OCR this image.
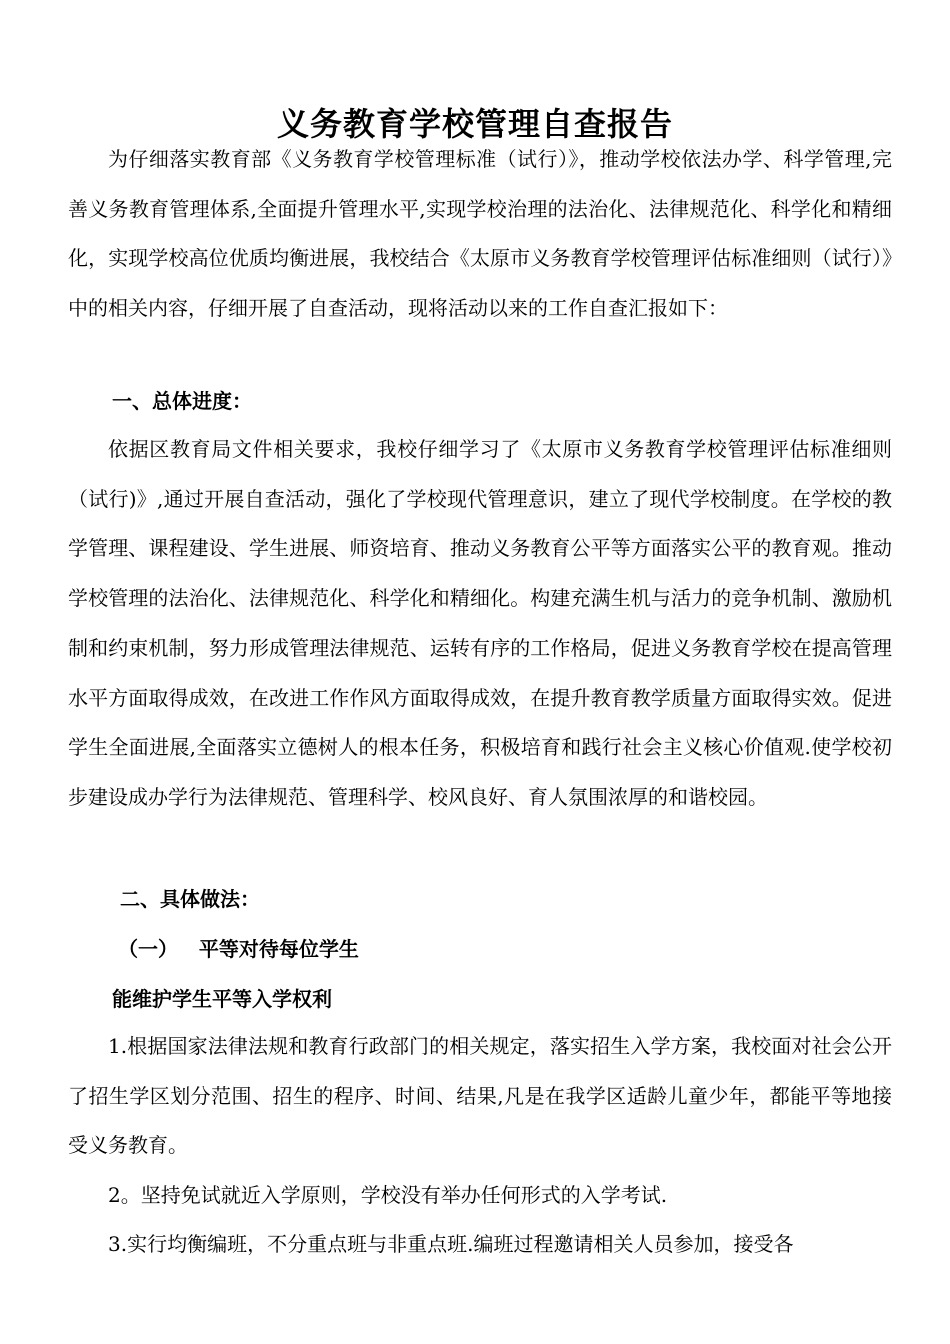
义务教育学校管理自查报告

为仔细落实教育部《义务教育学校管理标准（试行）》，推动学校依法办学、科学管理,完善义务教育管理体系,全面提升管理水平,实现学校治理的法治化、法律规范化、科学化和精细化，实现学校高位优质均衡进展，我校结合《太原市义务教育学校管理评估标准细则（试行）》中的相关内容，仔细开展了自查活动，现将活动以来的工作自查汇报如下：

一、总体进度：

依据区教育局文件相关要求，我校仔细学习了《太原市义务教育学校管理评估标准细则（试行)》,通过开展自查活动，强化了学校现代管理意识，建立了现代学校制度。在学校的教学管理、课程建设、学生进展、师资培育、推动义务教育公平等方面落实公平的教育观。推动学校管理的法治化、法律规范化、科学化和精细化。构建充满生机与活力的竞争机制、激励机制和约束机制，努力形成管理法律规范、运转有序的工作格局，促进义务教育学校在提高管理水平方面取得成效，在改进工作作风方面取得成效，在提升教育教学质量方面取得实效。促进学生全面进展,全面落实立德树人的根本任务，积极培育和践行社会主义核心价值观.使学校初步建设成办学行为法律规范、管理科学、校风良好、育人氛围浓厚的和谐校园。

二、具体做法：
（一）   平等对待每位学生
能维护学生平等入学权利

1.根据国家法律法规和教育行政部门的相关规定，落实招生入学方案，我校面对社会公开了招生学区划分范围、招生的程序、时间、结果,凡是在我学区适龄儿童少年，都能平等地接受义务教育。

2。坚持免试就近入学原则，学校没有举办任何形式的入学考试.

3.实行均衡编班，不分重点班与非重点班.编班过程邀请相关人员参加，接受各
